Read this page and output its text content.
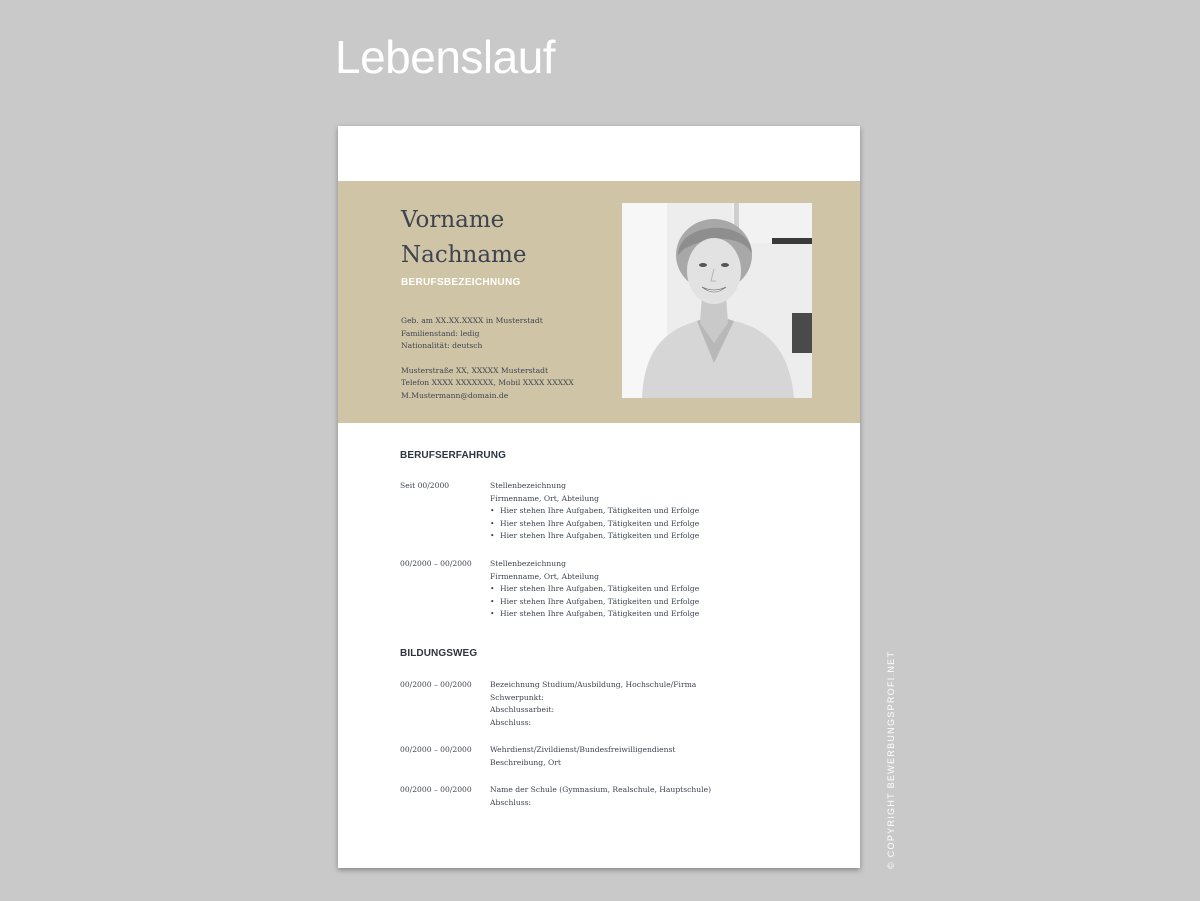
Lebenslauf
Vorname
Nachname
BERUFSBEZEICHNUNG
Geb. am XX.XX.XXXX in Musterstadt
Familienstand: ledig
Nationalität: deutsch
Musterstraße XX, XXXXX Musterstadt
Telefon XXXX XXXXXXX, Mobil XXXX XXXXX
M.Mustermann@domain.de
BERUFSERFAHRUNG
Seit 00/2000	Stellenbezeichnung
Firmenname, Ort, Abteilung
• Hier stehen Ihre Aufgaben, Tätigkeiten und Erfolge
• Hier stehen Ihre Aufgaben, Tätigkeiten und Erfolge
• Hier stehen Ihre Aufgaben, Tätigkeiten und Erfolge
00/2000 – 00/2000	Stellenbezeichnung
Firmenname, Ort, Abteilung
• Hier stehen Ihre Aufgaben, Tätigkeiten und Erfolge
• Hier stehen Ihre Aufgaben, Tätigkeiten und Erfolge
• Hier stehen Ihre Aufgaben, Tätigkeiten und Erfolge
BILDUNGSWEG
00/2000 – 00/2000	Bezeichnung Studium/Ausbildung, Hochschule/Firma
Schwerpunkt:
Abschlussarbeit:
Abschluss:
00/2000 – 00/2000	Wehrdienst/Zivildienst/Bundesfreiwilligendienst
Beschreibung, Ort
00/2000 – 00/2000	Name der Schule (Gymnasium, Realschule, Hauptschule)
Abschluss:	© COPYRIGHT BEWERBUNGSPROFI.NET
